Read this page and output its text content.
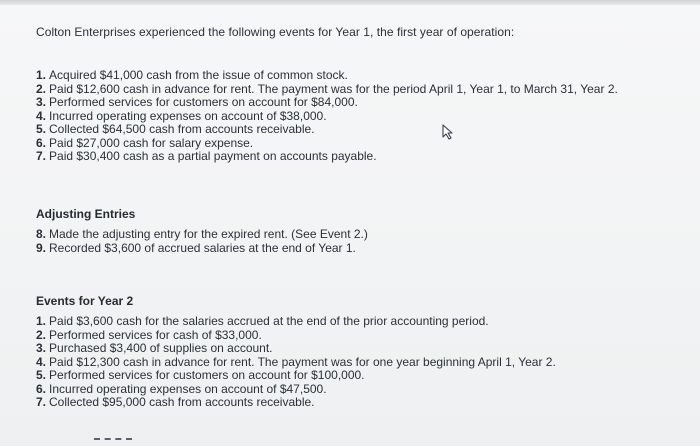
Colton Enterprises experienced the following events for Year 1, the first year of operation:
1. Acquired $41,000 cash from the issue of common stock.
2. Paid $12,600 cash in advance for rent. The payment was for the period April 1, Year 1, to March 31, Year 2.
3. Performed services for customers on account for $84,000.
4. Incurred operating expenses on account of $38,000.
5. Collected $64,500 cash from accounts receivable.
6. Paid $27,000 cash for salary expense.
7. Paid $30,400 cash as a partial payment on accounts payable.
Adjusting Entries
8. Made the adjusting entry for the expired rent. (See Event 2.)
9. Recorded $3,600 of accrued salaries at the end of Year 1.
Events for Year 2
1. Paid $3,600 cash for the salaries accrued at the end of the prior accounting period.
2. Performed services for cash of $33,000.
3. Purchased $3,400 of supplies on account.
4. Paid $12,300 cash in advance for rent. The payment was for one year beginning April 1, Year 2.
5. Performed services for customers on account for $100,000.
6. Incurred operating expenses on account of $47,500.
7. Collected $95,000 cash from accounts receivable.
